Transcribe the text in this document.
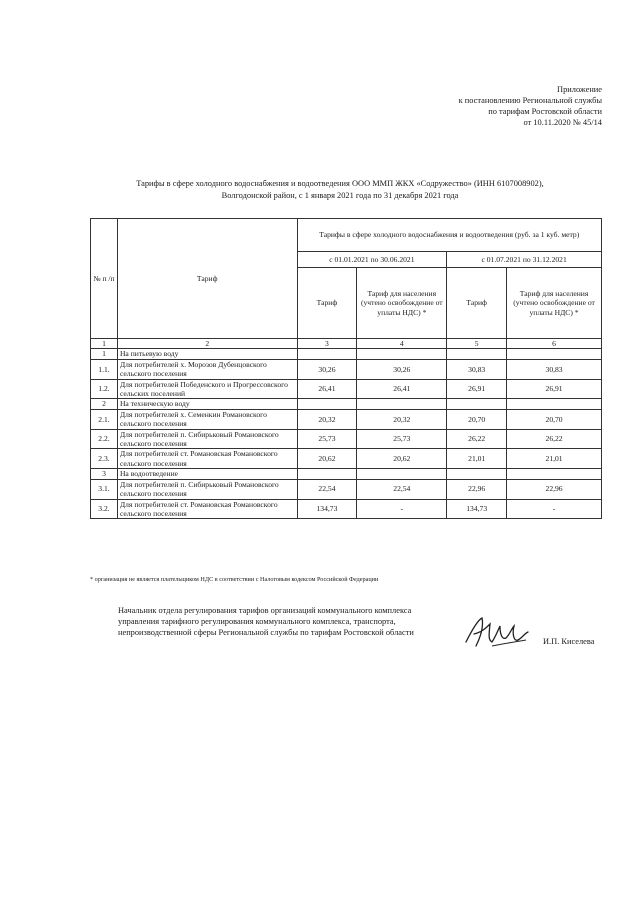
Приложение
к постановлению Региональной службы
по тарифам Ростовской области
от 10.11.2020 № 45/14
Тарифы в сфере холодного водоснабжения и водоотведения ООО ММП ЖКХ «Содружество» (ИНН 6107008902),
Волгодонской район, с 1 января 2021 года по 31 декабря 2021 года
№ п /п	Тариф	Тарифы в сфере холодного водоснабжения и водоотведения (руб. за 1 куб. метр)			
		с 01.01.2021 по 30.06.2021		с 01.07.2021 по 31.12.2021	
		Тариф	Тариф для населения (учтено освобождение от уплаты НДС) *	Тариф	Тариф для населения (учтено освобождение от уплаты НДС) *
1	2	3	4	5	6
1	На питьевую воду				
1.1.	Для потребителей х. Морозов Дубенцовского сельского поселения	30,26	30,26	30,83	30,83
1.2.	Для потребителей Победенского и Прогрессовского сельских поселений	26,41	26,41	26,91	26,91
2	На техническую воду				
2.1.	Для потребителей х. Семенкин Романовского сельского поселения	20,32	20,32	20,70	20,70
2.2.	Для потребителей п. Сибирьковый Романовского сельского поселения	25,73	25,73	26,22	26,22
2.3.	Для потребителей ст. Романовская Романовского сельского поселения	20,62	20,62	21,01	21,01
3	На водоотведение				
3.1.	Для потребителей п. Сибирьковый Романовского сельского поселения	22,54	22,54	22,96	22,96
3.2.	Для потребителей ст. Романовская Романовского сельского поселения	134,73	-	134,73	-
* организация не является плательщиком НДС в соответствии с Налоговым кодексом Российской Федерации
Начальник отдела регулирования тарифов организаций коммунального комплекса
управления тарифного регулирования коммунального комплекса, транспорта,
непроизводственной сферы Региональной службы по тарифам Ростовской области
И.П. Киселева
